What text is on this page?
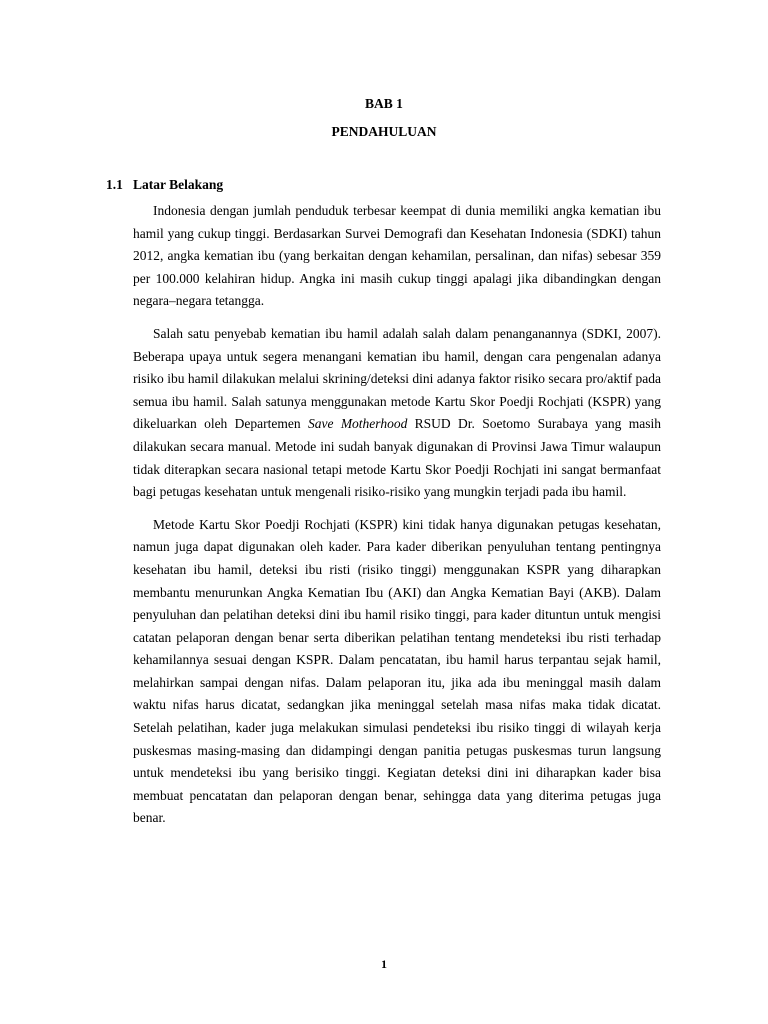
BAB 1

PENDAHULUAN

1.1 Latar Belakang

Indonesia dengan jumlah penduduk terbesar keempat di dunia memiliki angka kematian ibu hamil yang cukup tinggi. Berdasarkan Survei Demografi dan Kesehatan Indonesia (SDKI) tahun 2012, angka kematian ibu (yang berkaitan dengan kehamilan, persalinan, dan nifas) sebesar 359 per 100.000 kelahiran hidup. Angka ini masih cukup tinggi apalagi jika dibandingkan dengan negara–negara tetangga.

Salah satu penyebab kematian ibu hamil adalah salah dalam penanganannya (SDKI, 2007). Beberapa upaya untuk segera menangani kematian ibu hamil, dengan cara pengenalan adanya risiko ibu hamil dilakukan melalui skrining/deteksi dini adanya faktor risiko secara pro/aktif pada semua ibu hamil. Salah satunya menggunakan metode Kartu Skor Poedji Rochjati (KSPR) yang dikeluarkan oleh Departemen Save Motherhood RSUD Dr. Soetomo Surabaya yang masih dilakukan secara manual. Metode ini sudah banyak digunakan di Provinsi Jawa Timur walaupun tidak diterapkan secara nasional tetapi metode Kartu Skor Poedji Rochjati ini sangat bermanfaat bagi petugas kesehatan untuk mengenali risiko-risiko yang mungkin terjadi pada ibu hamil.

Metode Kartu Skor Poedji Rochjati (KSPR) kini tidak hanya digunakan petugas kesehatan, namun juga dapat digunakan oleh kader. Para kader diberikan penyuluhan tentang pentingnya kesehatan ibu hamil, deteksi ibu risti (risiko tinggi) menggunakan KSPR yang diharapkan membantu menurunkan Angka Kematian Ibu (AKI) dan Angka Kematian Bayi (AKB). Dalam penyuluhan dan pelatihan deteksi dini ibu hamil risiko tinggi, para kader dituntun untuk mengisi catatan pelaporan dengan benar serta diberikan pelatihan tentang mendeteksi ibu risti terhadap kehamilannya sesuai dengan KSPR. Dalam pencatatan, ibu hamil harus terpantau sejak hamil, melahirkan sampai dengan nifas. Dalam pelaporan itu, jika ada ibu meninggal masih dalam waktu nifas harus dicatat, sedangkan jika meninggal setelah masa nifas maka tidak dicatat. Setelah pelatihan, kader juga melakukan simulasi pendeteksi ibu risiko tinggi di wilayah kerja puskesmas masing-masing dan didampingi dengan panitia petugas puskesmas turun langsung untuk mendeteksi ibu yang berisiko tinggi. Kegiatan deteksi dini ini diharapkan kader bisa membuat pencatatan dan pelaporan dengan benar, sehingga data yang diterima petugas juga benar.

1
